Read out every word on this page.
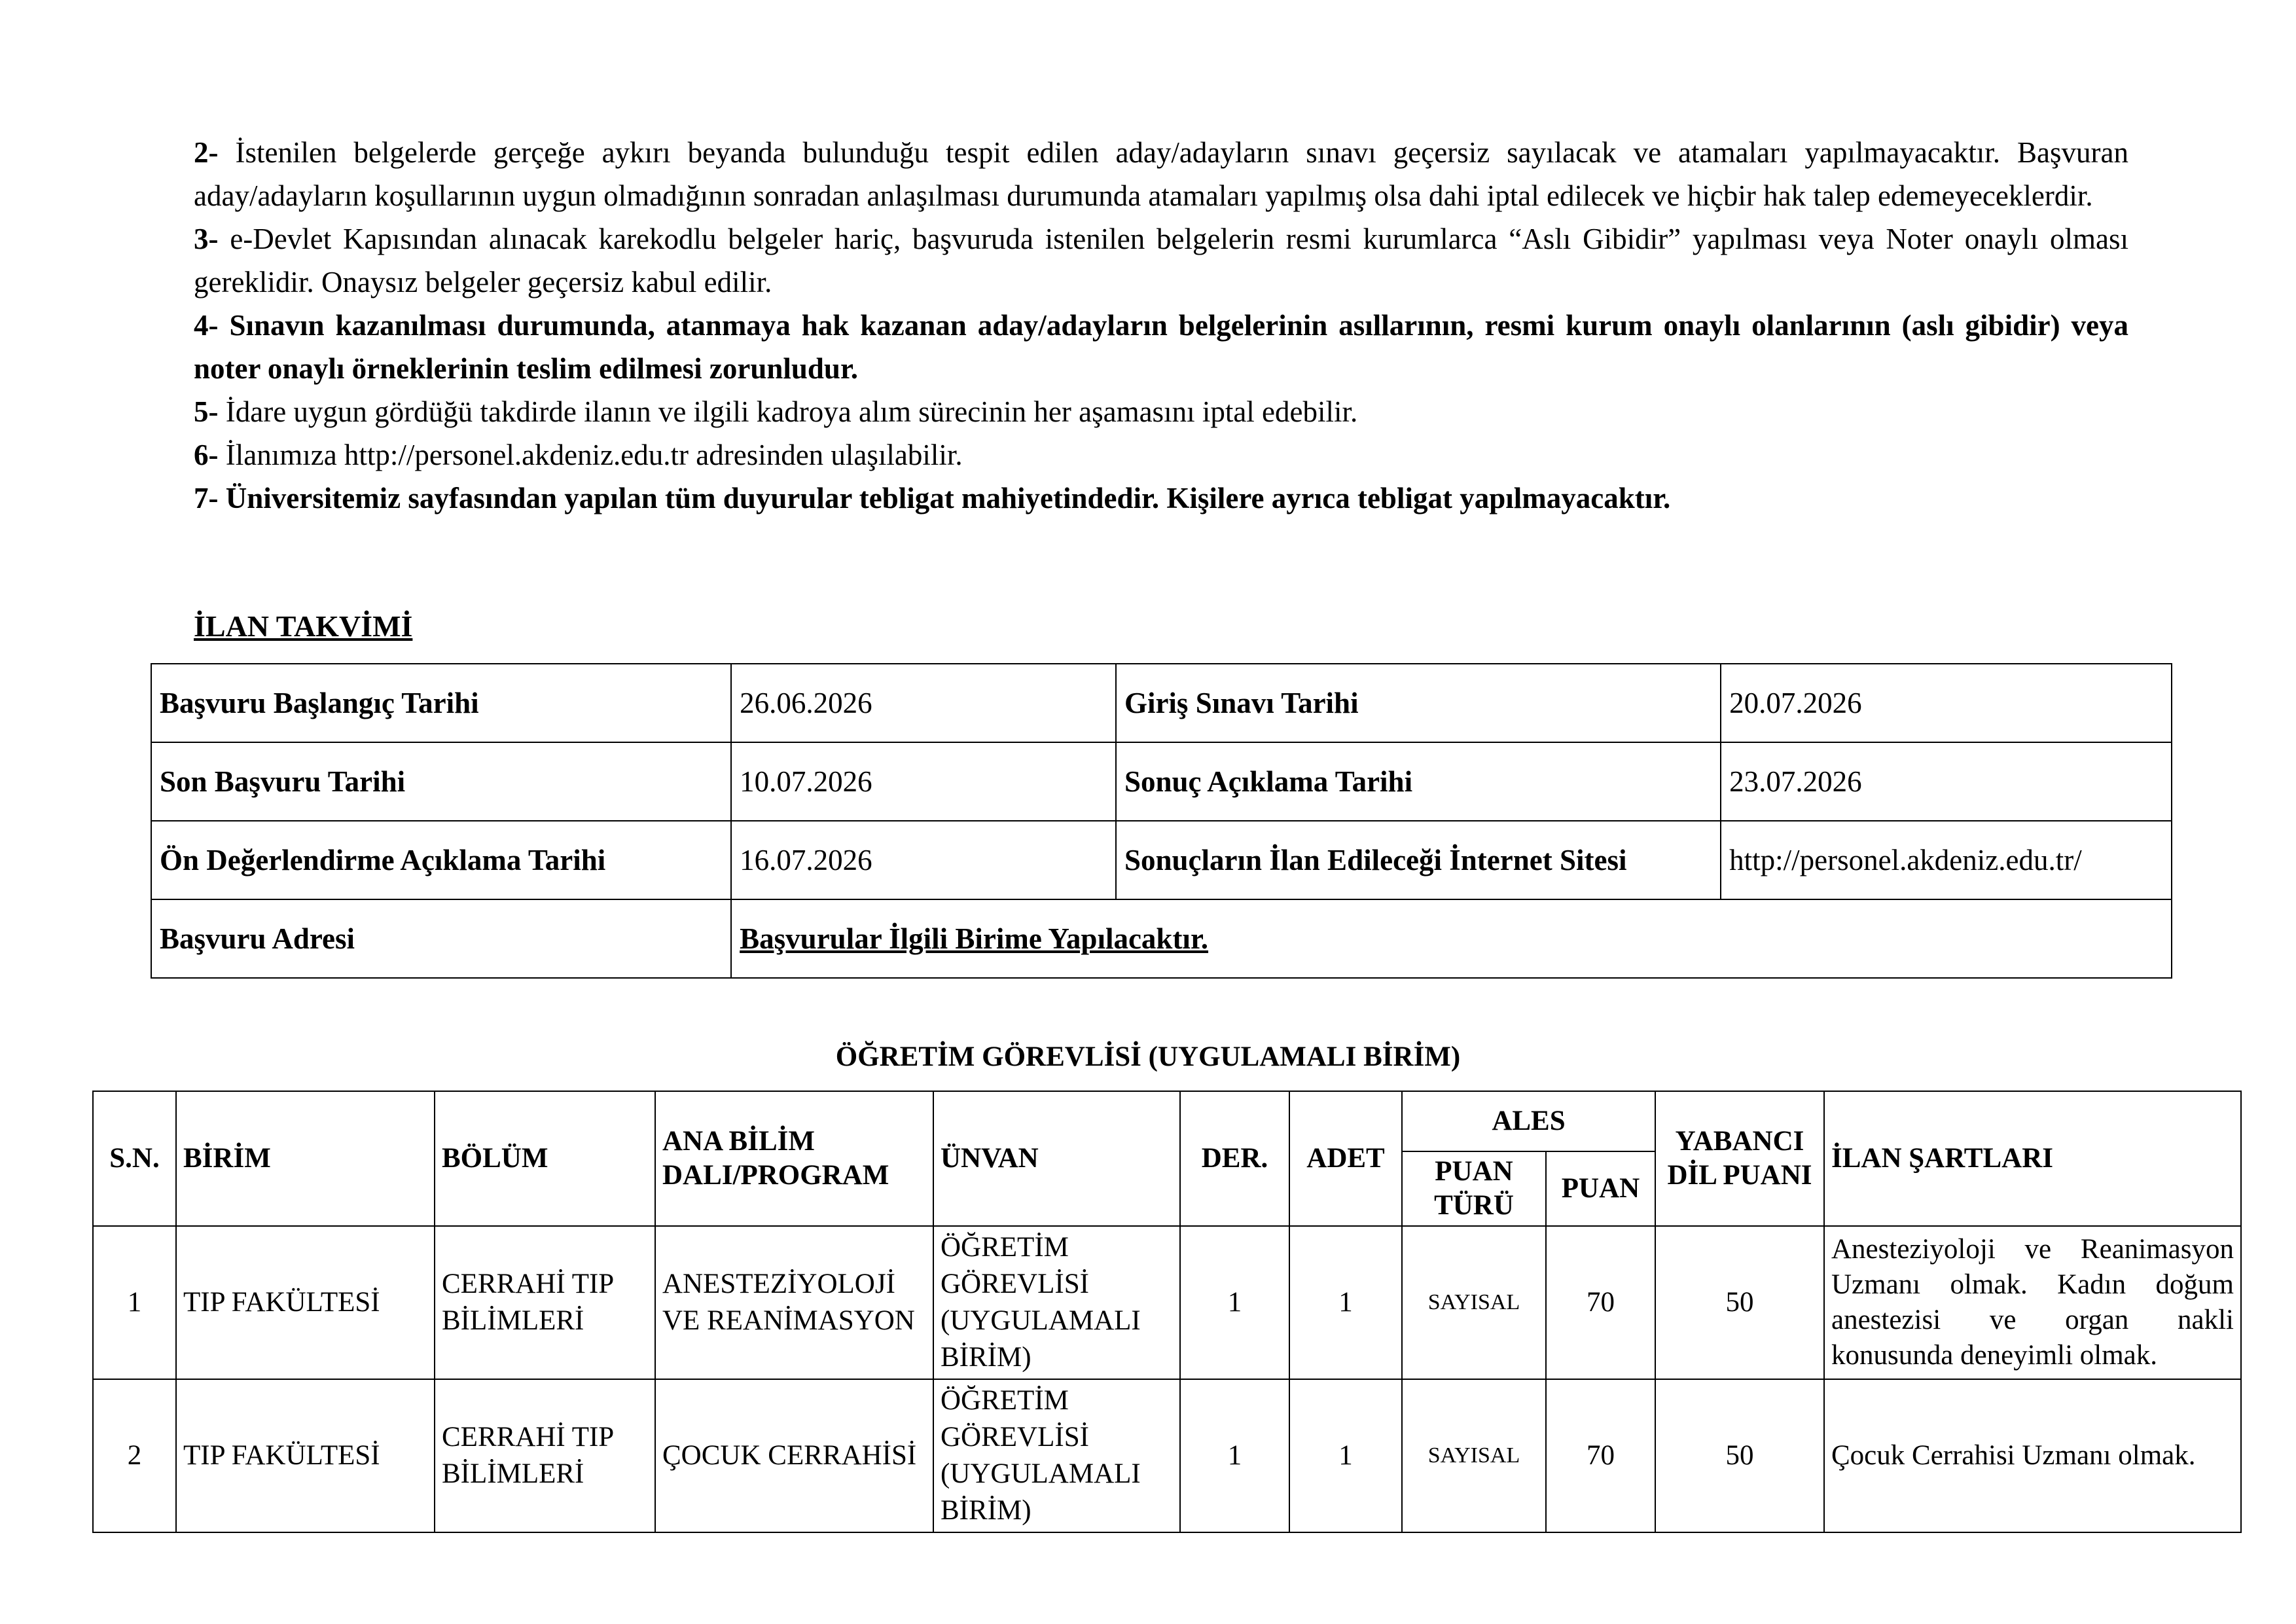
2- İstenilen belgelerde gerçeğe aykırı beyanda bulunduğu tespit edilen aday/adayların sınavı geçersiz sayılacak ve atamaları yapılmayacaktır. Başvuran aday/adayların koşullarının uygun olmadığının sonradan anlaşılması durumunda atamaları yapılmış olsa dahi iptal edilecek ve hiçbir hak talep edemeyeceklerdir.

3- e-Devlet Kapısından alınacak karekodlu belgeler hariç, başvuruda istenilen belgelerin resmi kurumlarca “Aslı Gibidir” yapılması veya Noter onaylı olması gereklidir. Onaysız belgeler geçersiz kabul edilir.

4- Sınavın kazanılması durumunda, atanmaya hak kazanan aday/adayların belgelerinin asıllarının, resmi kurum onaylı olanlarının (aslı gibidir) veya noter onaylı örneklerinin teslim edilmesi zorunludur.

5- İdare uygun gördüğü takdirde ilanın ve ilgili kadroya alım sürecinin her aşamasını iptal edebilir.

6- İlanımıza http://personel.akdeniz.edu.tr adresinden ulaşılabilir.

7- Üniversitemiz sayfasından yapılan tüm duyurular tebligat mahiyetindedir. Kişilere ayrıca tebligat yapılmayacaktır.

İLAN TAKVİMİ

Başvuru Başlangıç Tarihi	26.06.2026	Giriş Sınavı Tarihi	20.07.2026
Son Başvuru Tarihi	10.07.2026	Sonuç Açıklama Tarihi	23.07.2026
Ön Değerlendirme Açıklama Tarihi	16.07.2026	Sonuçların İlan Edileceği İnternet Sitesi	http://personel.akdeniz.edu.tr/
Başvuru Adresi	Başvurular İlgili Birime Yapılacaktır.		

ÖĞRETİM GÖREVLİSİ (UYGULAMALI BİRİM)

S.N.	BİRİM	BÖLÜM	ANA BİLİM DALI/PROGRAM	ÜNVAN	DER.	ADET	ALES		YABANCI DİL PUANI	İLAN ŞARTLARI
							PUAN TÜRÜ	PUAN		
1	TIP FAKÜLTESİ	CERRAHİ TIP BİLİMLERİ	ANESTEZİYOLOJİ VE REANİMASYON	ÖĞRETİM GÖREVLİSİ (UYGULAMALI BİRİM)	1	1	SAYISAL	70	50	Anesteziyoloji ve Reanimasyon Uzmanı olmak. Kadın doğum anestezisi ve organ nakli konusunda deneyimli olmak.
2	TIP FAKÜLTESİ	CERRAHİ TIP BİLİMLERİ	ÇOCUK CERRAHİSİ	ÖĞRETİM GÖREVLİSİ (UYGULAMALI BİRİM)	1	1	SAYISAL	70	50	Çocuk Cerrahisi Uzmanı olmak.
